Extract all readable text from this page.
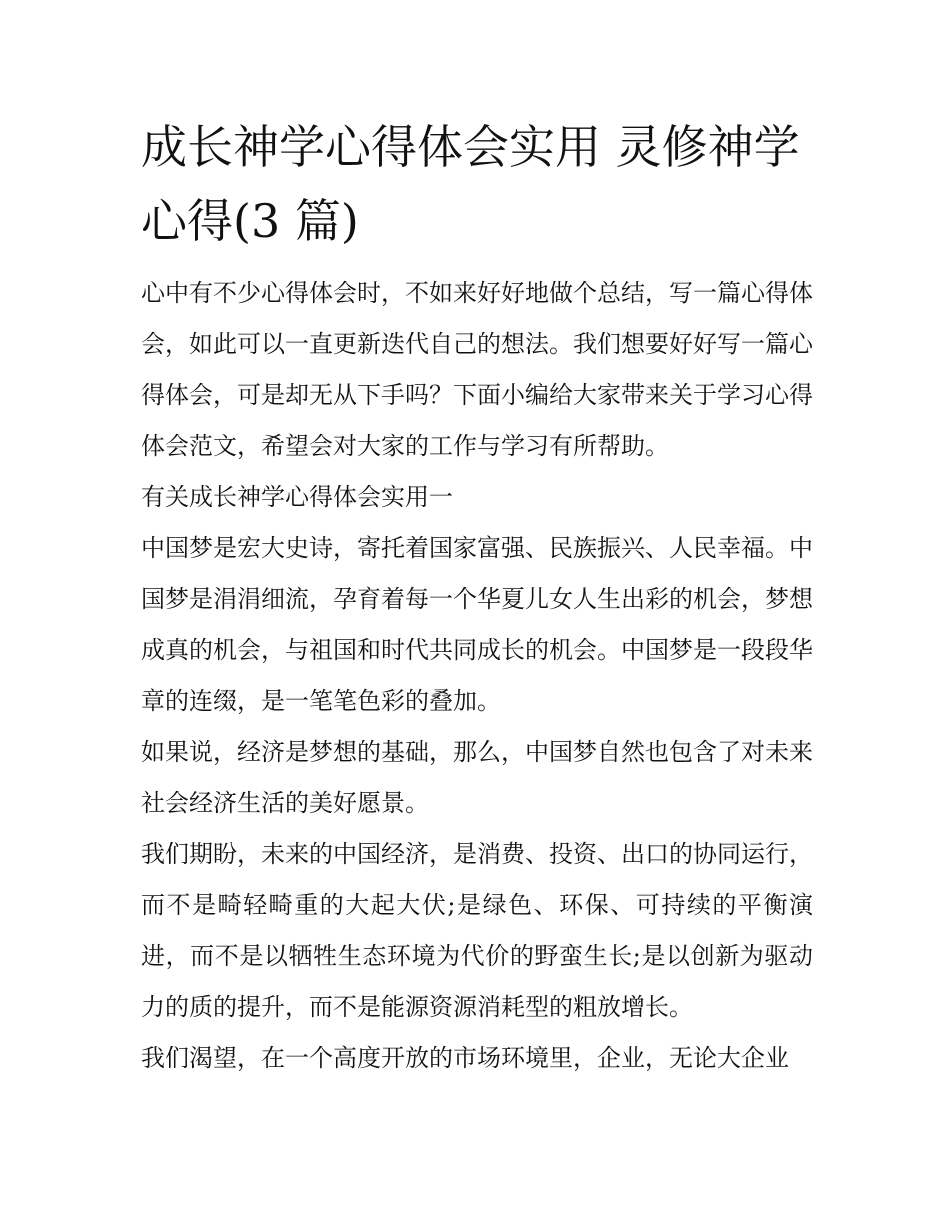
成长神学心得体会实用 灵修神学心得(3 篇)

心中有不少心得体会时，不如来好好地做个总结，写一篇心得体会，如此可以一直更新迭代自己的想法。我们想要好好写一篇心得体会，可是却无从下手吗？下面小编给大家带来关于学习心得体会范文，希望会对大家的工作与学习有所帮助。

有关成长神学心得体会实用一

中国梦是宏大史诗，寄托着国家富强、民族振兴、人民幸福。中国梦是涓涓细流，孕育着每一个华夏儿女人生出彩的机会，梦想成真的机会，与祖国和时代共同成长的机会。中国梦是一段段华章的连缀，是一笔笔色彩的叠加。

如果说，经济是梦想的基础，那么，中国梦自然也包含了对未来社会经济生活的美好愿景。

我们期盼，未来的中国经济，是消费、投资、出口的协同运行，而不是畸轻畸重的大起大伏;是绿色、环保、可持续的平衡演进，而不是以牺牲生态环境为代价的野蛮生长;是以创新为驱动力的质的提升，而不是能源资源消耗型的粗放增长。

我们渴望，在一个高度开放的市场环境里，企业，无论大企业
